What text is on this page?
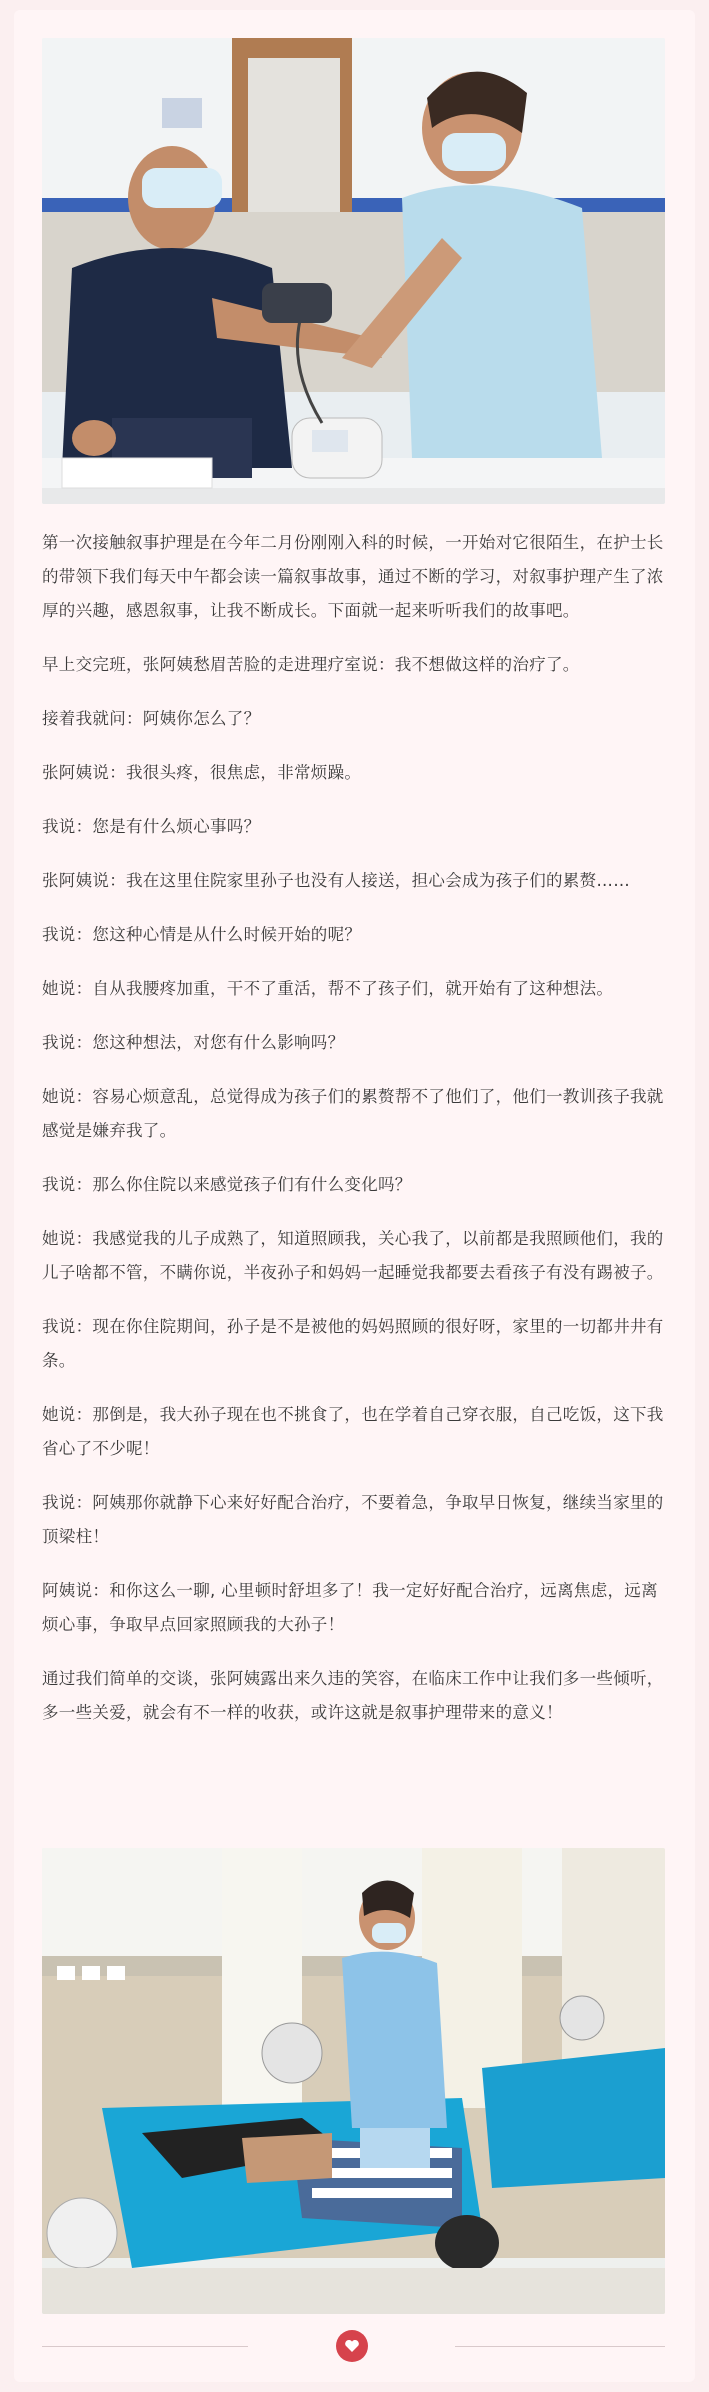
第一次接触叙事护理是在今年二月份刚刚入科的时候，一开始对它很陌生，在护士长的带领下我们每天中午都会读一篇叙事故事，通过不断的学习，对叙事护理产生了浓厚的兴趣，感恩叙事，让我不断成长。下面就一起来听听我们的故事吧。

早上交完班，张阿姨愁眉苦脸的走进理疗室说：我不想做这样的治疗了。

接着我就问：阿姨你怎么了？

张阿姨说：我很头疼，很焦虑，非常烦躁。

我说：您是有什么烦心事吗？

张阿姨说：我在这里住院家里孙子也没有人接送，担心会成为孩子们的累赘……

我说：您这种心情是从什么时候开始的呢？

她说：自从我腰疼加重，干不了重活，帮不了孩子们，就开始有了这种想法。

我说：您这种想法，对您有什么影响吗？

她说：容易心烦意乱，总觉得成为孩子们的累赘帮不了他们了，他们一教训孩子我就感觉是嫌弃我了。

我说：那么你住院以来感觉孩子们有什么变化吗？

她说：我感觉我的儿子成熟了，知道照顾我，关心我了，以前都是我照顾他们，我的儿子啥都不管，不瞒你说，半夜孙子和妈妈一起睡觉我都要去看孩子有没有踢被子。

我说：现在你住院期间，孙子是不是被他的妈妈照顾的很好呀，家里的一切都井井有条。

她说：那倒是，我大孙子现在也不挑食了，也在学着自己穿衣服，自己吃饭，这下我省心了不少呢！

我说：阿姨那你就静下心来好好配合治疗，不要着急，争取早日恢复，继续当家里的顶梁柱！

阿姨说：和你这么一聊, 心里顿时舒坦多了！我一定好好配合治疗，远离焦虑，远离烦心事，争取早点回家照顾我的大孙子！

通过我们简单的交谈，张阿姨露出来久违的笑容，在临床工作中让我们多一些倾听，多一些关爱，就会有不一样的收获，或许这就是叙事护理带来的意义！
